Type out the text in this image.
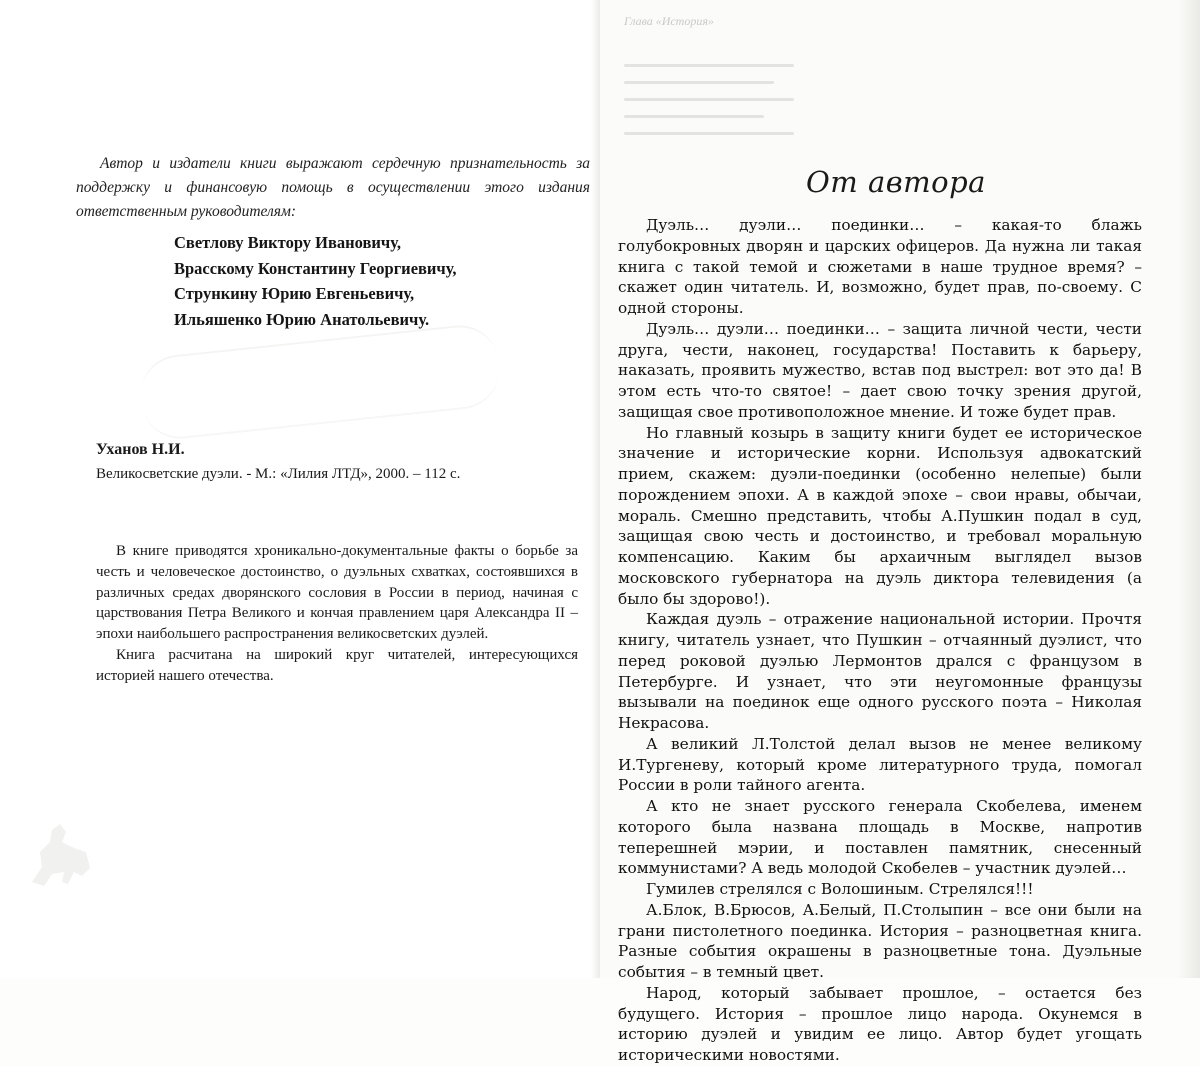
Автор и издатели книги выражают сердечную признательность за поддержку и финансовую помощь в осуществлении этого издания ответственным руководителям:

Светлову Виктору Ивановичу,
Врасскому Константину Георгиевичу,
Стрункину Юрию Евгеньевичу,
Ильяшенко Юрию Анатольевичу.
Уханов Н.И.
Великосветские дуэли. - М.: «Лилия ЛТД», 2000. – 112 с.

В книге приводятся хроникально-документальные факты о борьбе за честь и человеческое достоинство, о дуэльных схватках, состоявшихся в различных средах дворянского сословия в России в период, начиная с царствования Петра Великого и кончая правлением царя Александра II – эпохи наибольшего распространения великосветских дуэлей.

Книга расчитана на широкий круг читателей, интересующихся историей нашего отечества.

Глава «История»
От автора

Дуэль… дуэли… поединки… – какая-то блажь голубокровных дворян и царских офицеров. Да нужна ли такая книга с такой темой и сюжетами в наше трудное время? – скажет один читатель. И, возможно, будет прав, по-своему. С одной стороны.

Дуэль… дуэли… поединки… – защита личной чести, чести друга, чести, наконец, государства! Поставить к барьеру, наказать, проявить мужество, встав под выстрел: вот это да! В этом есть что-то святое! – дает свою точку зрения другой, защищая свое противоположное мнение. И тоже будет прав.

Но главный козырь в защиту книги будет ее историческое значение и исторические корни. Используя адвокатский прием, скажем: дуэли-поединки (особенно нелепые) были порождением эпохи. А в каждой эпохе – свои нравы, обычаи, мораль. Смешно представить, чтобы А.Пушкин подал в суд, защищая свою честь и достоинство, и требовал моральную компенсацию. Каким бы архаичным выглядел вызов московского губернатора на дуэль диктора телевидения (а было бы здорово!).

Каждая дуэль – отражение национальной истории. Прочтя книгу, читатель узнает, что Пушкин – отчаянный дуэлист, что перед роковой дуэлью Лермонтов дрался с французом в Петербурге. И узнает, что эти неугомонные французы вызывали на поединок еще одного русского поэта – Николая Некрасова.

А великий Л.Толстой делал вызов не менее великому И.Тургеневу, который кроме литературного труда, помогал России в роли тайного агента.

А кто не знает русского генерала Скобелева, именем которого была названа площадь в Москве, напротив теперешней мэрии, и поставлен памятник, снесенный коммунистами? А ведь молодой Скобелев – участник дуэлей…

Гумилев стрелялся с Волошиным. Стрелялся!!!

А.Блок, В.Брюсов, А.Белый, П.Столыпин – все они были на грани пистолетного поединка. История – разноцветная книга. Разные события окрашены в разноцветные тона. Дуэльные события – в темный цвет.

Народ, который забывает прошлое, – остается без будущего. История – прошлое лицо народа. Окунемся в историю дуэлей и увидим ее лицо. Автор будет угощать историческими новостями.
